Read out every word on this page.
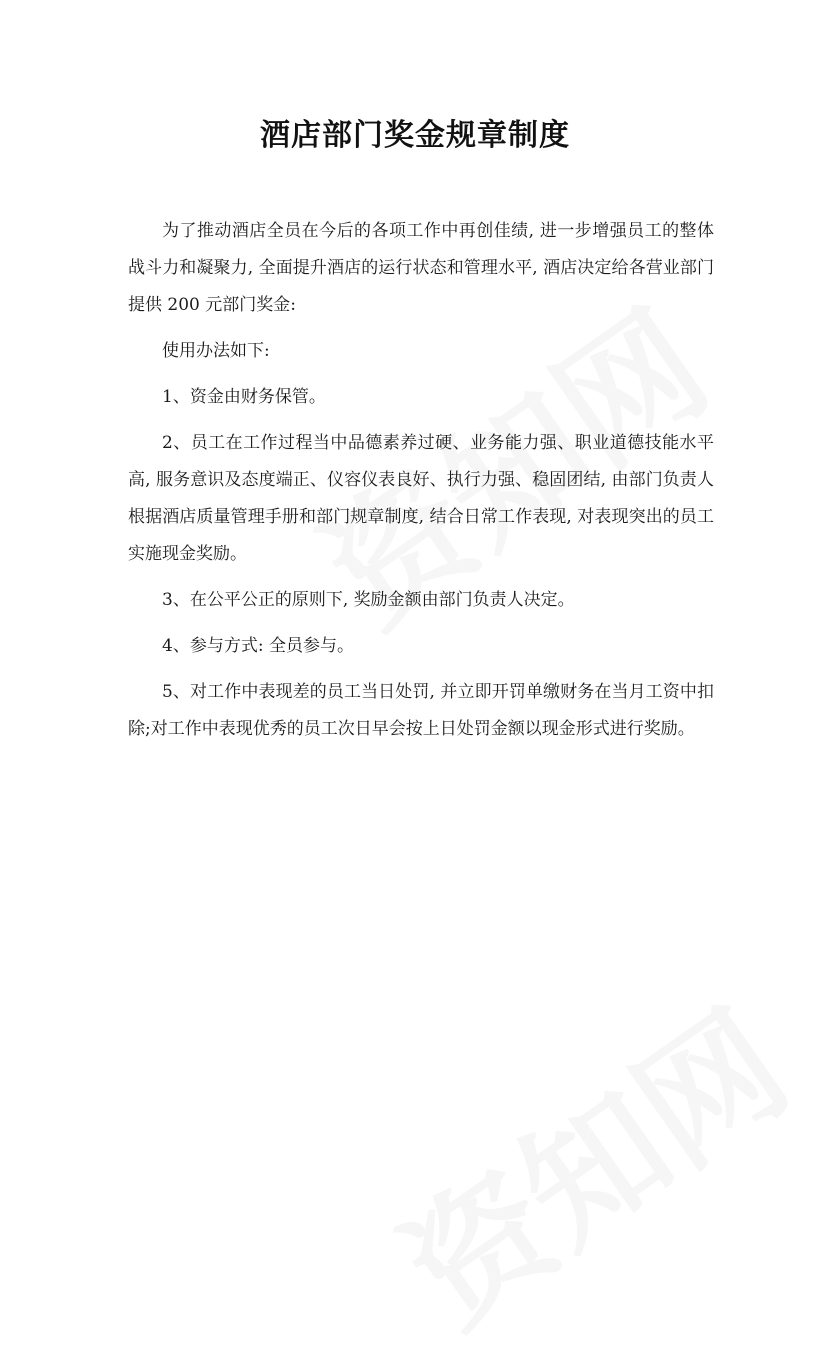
酒店部门奖金规章制度

为了推动酒店全员在今后的各项工作中再创佳绩, 进一步增强员工的整体战斗力和凝聚力, 全面提升酒店的运行状态和管理水平, 酒店决定给各营业部门提供 200 元部门奖金:

使用办法如下:

1、资金由财务保管。

2、员工在工作过程当中品德素养过硬、业务能力强、职业道德技能水平高, 服务意识及态度端正、仪容仪表良好、执行力强、稳固团结, 由部门负责人根据酒店质量管理手册和部门规章制度, 结合日常工作表现, 对表现突出的员工实施现金奖励。

3、在公平公正的原则下, 奖励金额由部门负责人决定。

4、参与方式: 全员参与。

5、对工作中表现差的员工当日处罚, 并立即开罚单缴财务在当月工资中扣除;对工作中表现优秀的员工次日早会按上日处罚金额以现金形式进行奖励。
